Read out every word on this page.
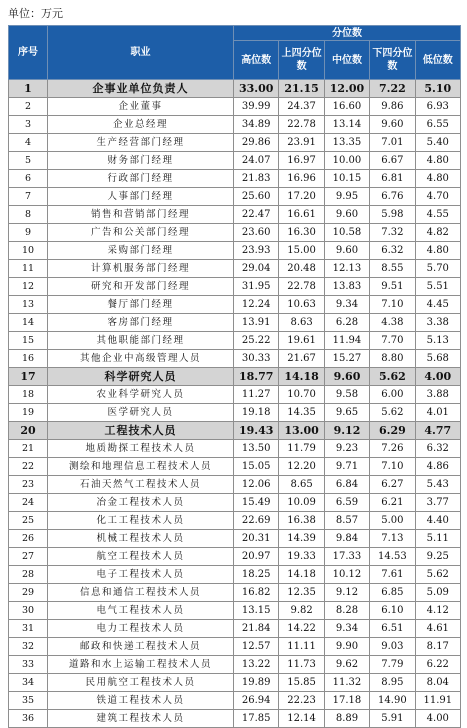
单位：万元
序号	职业	分位数				
		高位数	上四分位数	中位数	下四分位数	低位数
1	企事业单位负责人	33.00	21.15	12.00	7.22	5.10
2	企业董事	39.99	24.37	16.60	9.86	6.93
3	企业总经理	34.89	22.78	13.14	9.60	6.55
4	生产经营部门经理	29.86	23.91	13.35	7.01	5.40
5	财务部门经理	24.07	16.97	10.00	6.67	4.80
6	行政部门经理	21.83	16.96	10.15	6.81	4.80
7	人事部门经理	25.60	17.20	9.95	6.76	4.70
8	销售和营销部门经理	22.47	16.61	9.60	5.98	4.55
9	广告和公关部门经理	23.60	16.30	10.58	7.32	4.82
10	采购部门经理	23.93	15.00	9.60	6.32	4.80
11	计算机服务部门经理	29.04	20.48	12.13	8.55	5.70
12	研究和开发部门经理	31.95	22.78	13.83	9.51	5.51
13	餐厅部门经理	12.24	10.63	9.34	7.10	4.45
14	客房部门经理	13.91	8.63	6.28	4.38	3.38
15	其他职能部门经理	25.22	19.61	11.94	7.70	5.13
16	其他企业中高级管理人员	30.33	21.67	15.27	8.80	5.68
17	科学研究人员	18.77	14.18	9.60	5.62	4.00
18	农业科学研究人员	11.27	10.70	9.58	6.00	3.88
19	医学研究人员	19.18	14.35	9.65	5.62	4.01
20	工程技术人员	19.43	13.00	9.12	6.29	4.77
21	地质勘探工程技术人员	13.50	11.79	9.23	7.26	6.32
22	测绘和地理信息工程技术人员	15.05	12.20	9.71	7.10	4.86
23	石油天然气工程技术人员	12.06	8.65	6.84	6.27	5.43
24	冶金工程技术人员	15.49	10.09	6.59	6.21	3.77
25	化工工程技术人员	22.69	16.38	8.57	5.00	4.40
26	机械工程技术人员	20.31	14.39	9.84	7.13	5.11
27	航空工程技术人员	20.97	19.33	17.33	14.53	9.25
28	电子工程技术人员	18.25	14.18	10.12	7.61	5.62
29	信息和通信工程技术人员	16.82	12.35	9.12	6.85	5.09
30	电气工程技术人员	13.15	9.82	8.28	6.10	4.12
31	电力工程技术人员	21.84	14.22	9.34	6.51	4.61
32	邮政和快递工程技术人员	12.57	11.11	9.90	9.03	8.17
33	道路和水上运输工程技术人员	13.22	11.73	9.62	7.79	6.22
34	民用航空工程技术人员	19.89	15.85	11.32	8.95	8.04
35	铁道工程技术人员	26.94	22.23	17.18	14.90	11.91
36	建筑工程技术人员	17.85	12.14	8.89	5.91	4.00
